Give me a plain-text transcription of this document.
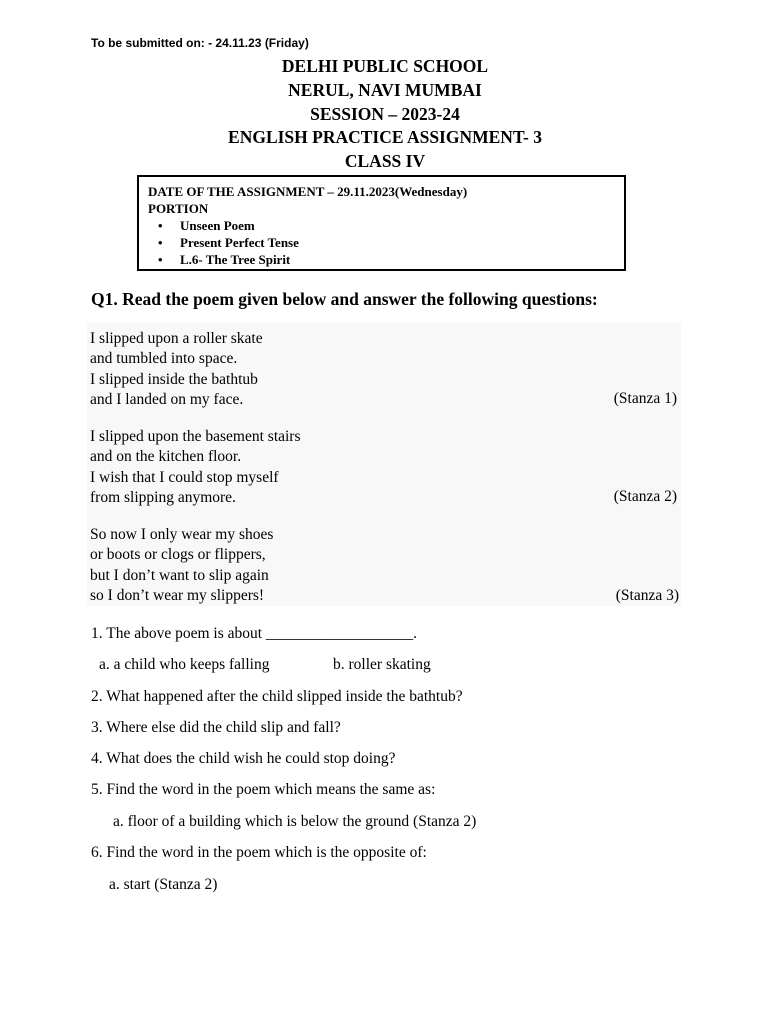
To be submitted on: - 24.11.23 (Friday)
DELHI PUBLIC SCHOOL
NERUL, NAVI MUMBAI
SESSION – 2023-24
ENGLISH PRACTICE ASSIGNMENT- 3
CLASS IV
DATE OF THE ASSIGNMENT – 29.11.2023(Wednesday)
PORTION
• Unseen Poem
• Present Perfect Tense
• L.6- The Tree Spirit
Q1. Read the poem given below and answer the following questions:
I slipped upon a roller skate
and tumbled into space.
I slipped inside the bathtub
and I landed on my face.	(Stanza 1)
I slipped upon the basement stairs
and on the kitchen floor.
I wish that I could stop myself
from slipping anymore.	(Stanza 2)
So now I only wear my shoes
or boots or clogs or flippers,
but I don’t want to slip again
so I don’t wear my slippers!	(Stanza 3)
1. The above poem is about ___________________.
a. a child who keeps falling	b. roller skating
2. What happened after the child slipped inside the bathtub?
3. Where else did the child slip and fall?
4. What does the child wish he could stop doing?
5. Find the word in the poem which means the same as:
a. floor of a building which is below the ground (Stanza 2)
6. Find the word in the poem which is the opposite of:
a. start (Stanza 2)
